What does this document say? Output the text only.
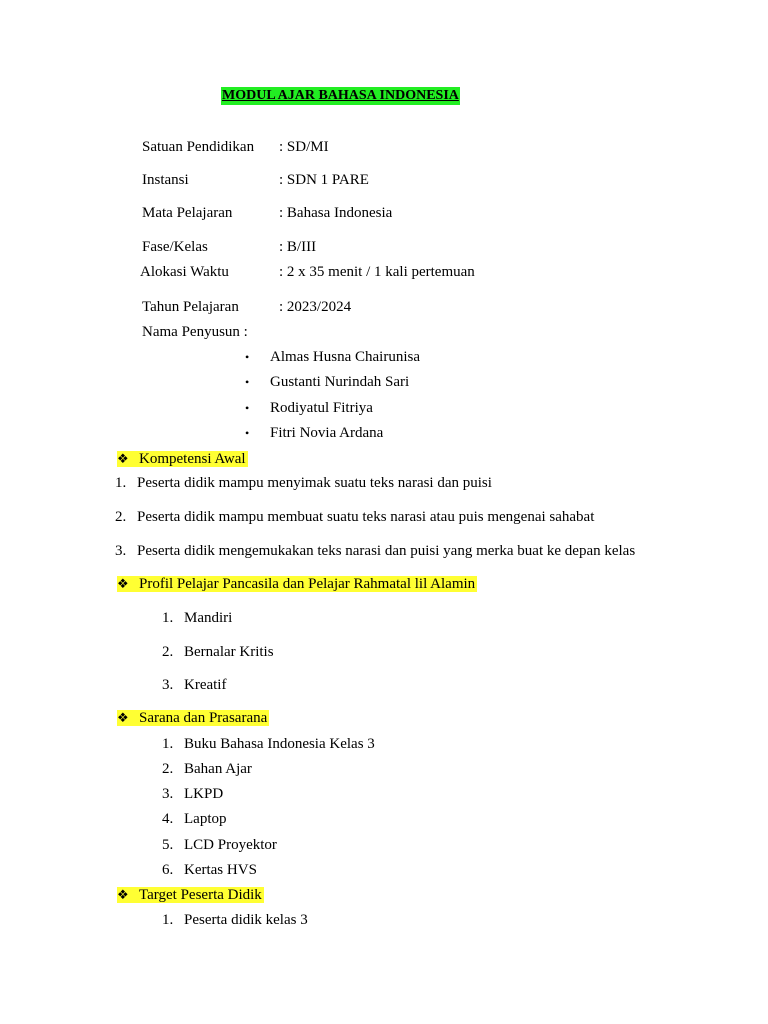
MODUL AJAR BAHASA INDONESIA
Satuan Pendidikan : SD/MI
Instansi	: SDN 1 PARE
Mata Pelajaran	: Bahasa Indonesia
Fase/Kelas	: B/III
Alokasi Waktu	: 2 x 35 menit / 1 kali pertemuan
Tahun Pelajaran	: 2023/2024
Nama Penyusun :
• Almas Husna Chairunisa
• Gustanti Nurindah Sari
• Rodiyatul Fitriya
• Fitri Novia Ardana
❖ Kompetensi Awal
1. Peserta didik mampu menyimak suatu teks narasi dan puisi
2. Peserta didik mampu membuat suatu teks narasi atau puis mengenai sahabat
3. Peserta didik mengemukakan teks narasi dan puisi yang merka buat ke depan kelas
❖ Profil Pelajar Pancasila dan Pelajar Rahmatal lil Alamin
1. Mandiri
2. Bernalar Kritis
3. Kreatif
❖ Sarana dan Prasarana
1. Buku Bahasa Indonesia Kelas 3
2. Bahan Ajar
3. LKPD
4. Laptop
5. LCD Proyektor
6. Kertas HVS
❖ Target Peserta Didik
1. Peserta didik kelas 3
